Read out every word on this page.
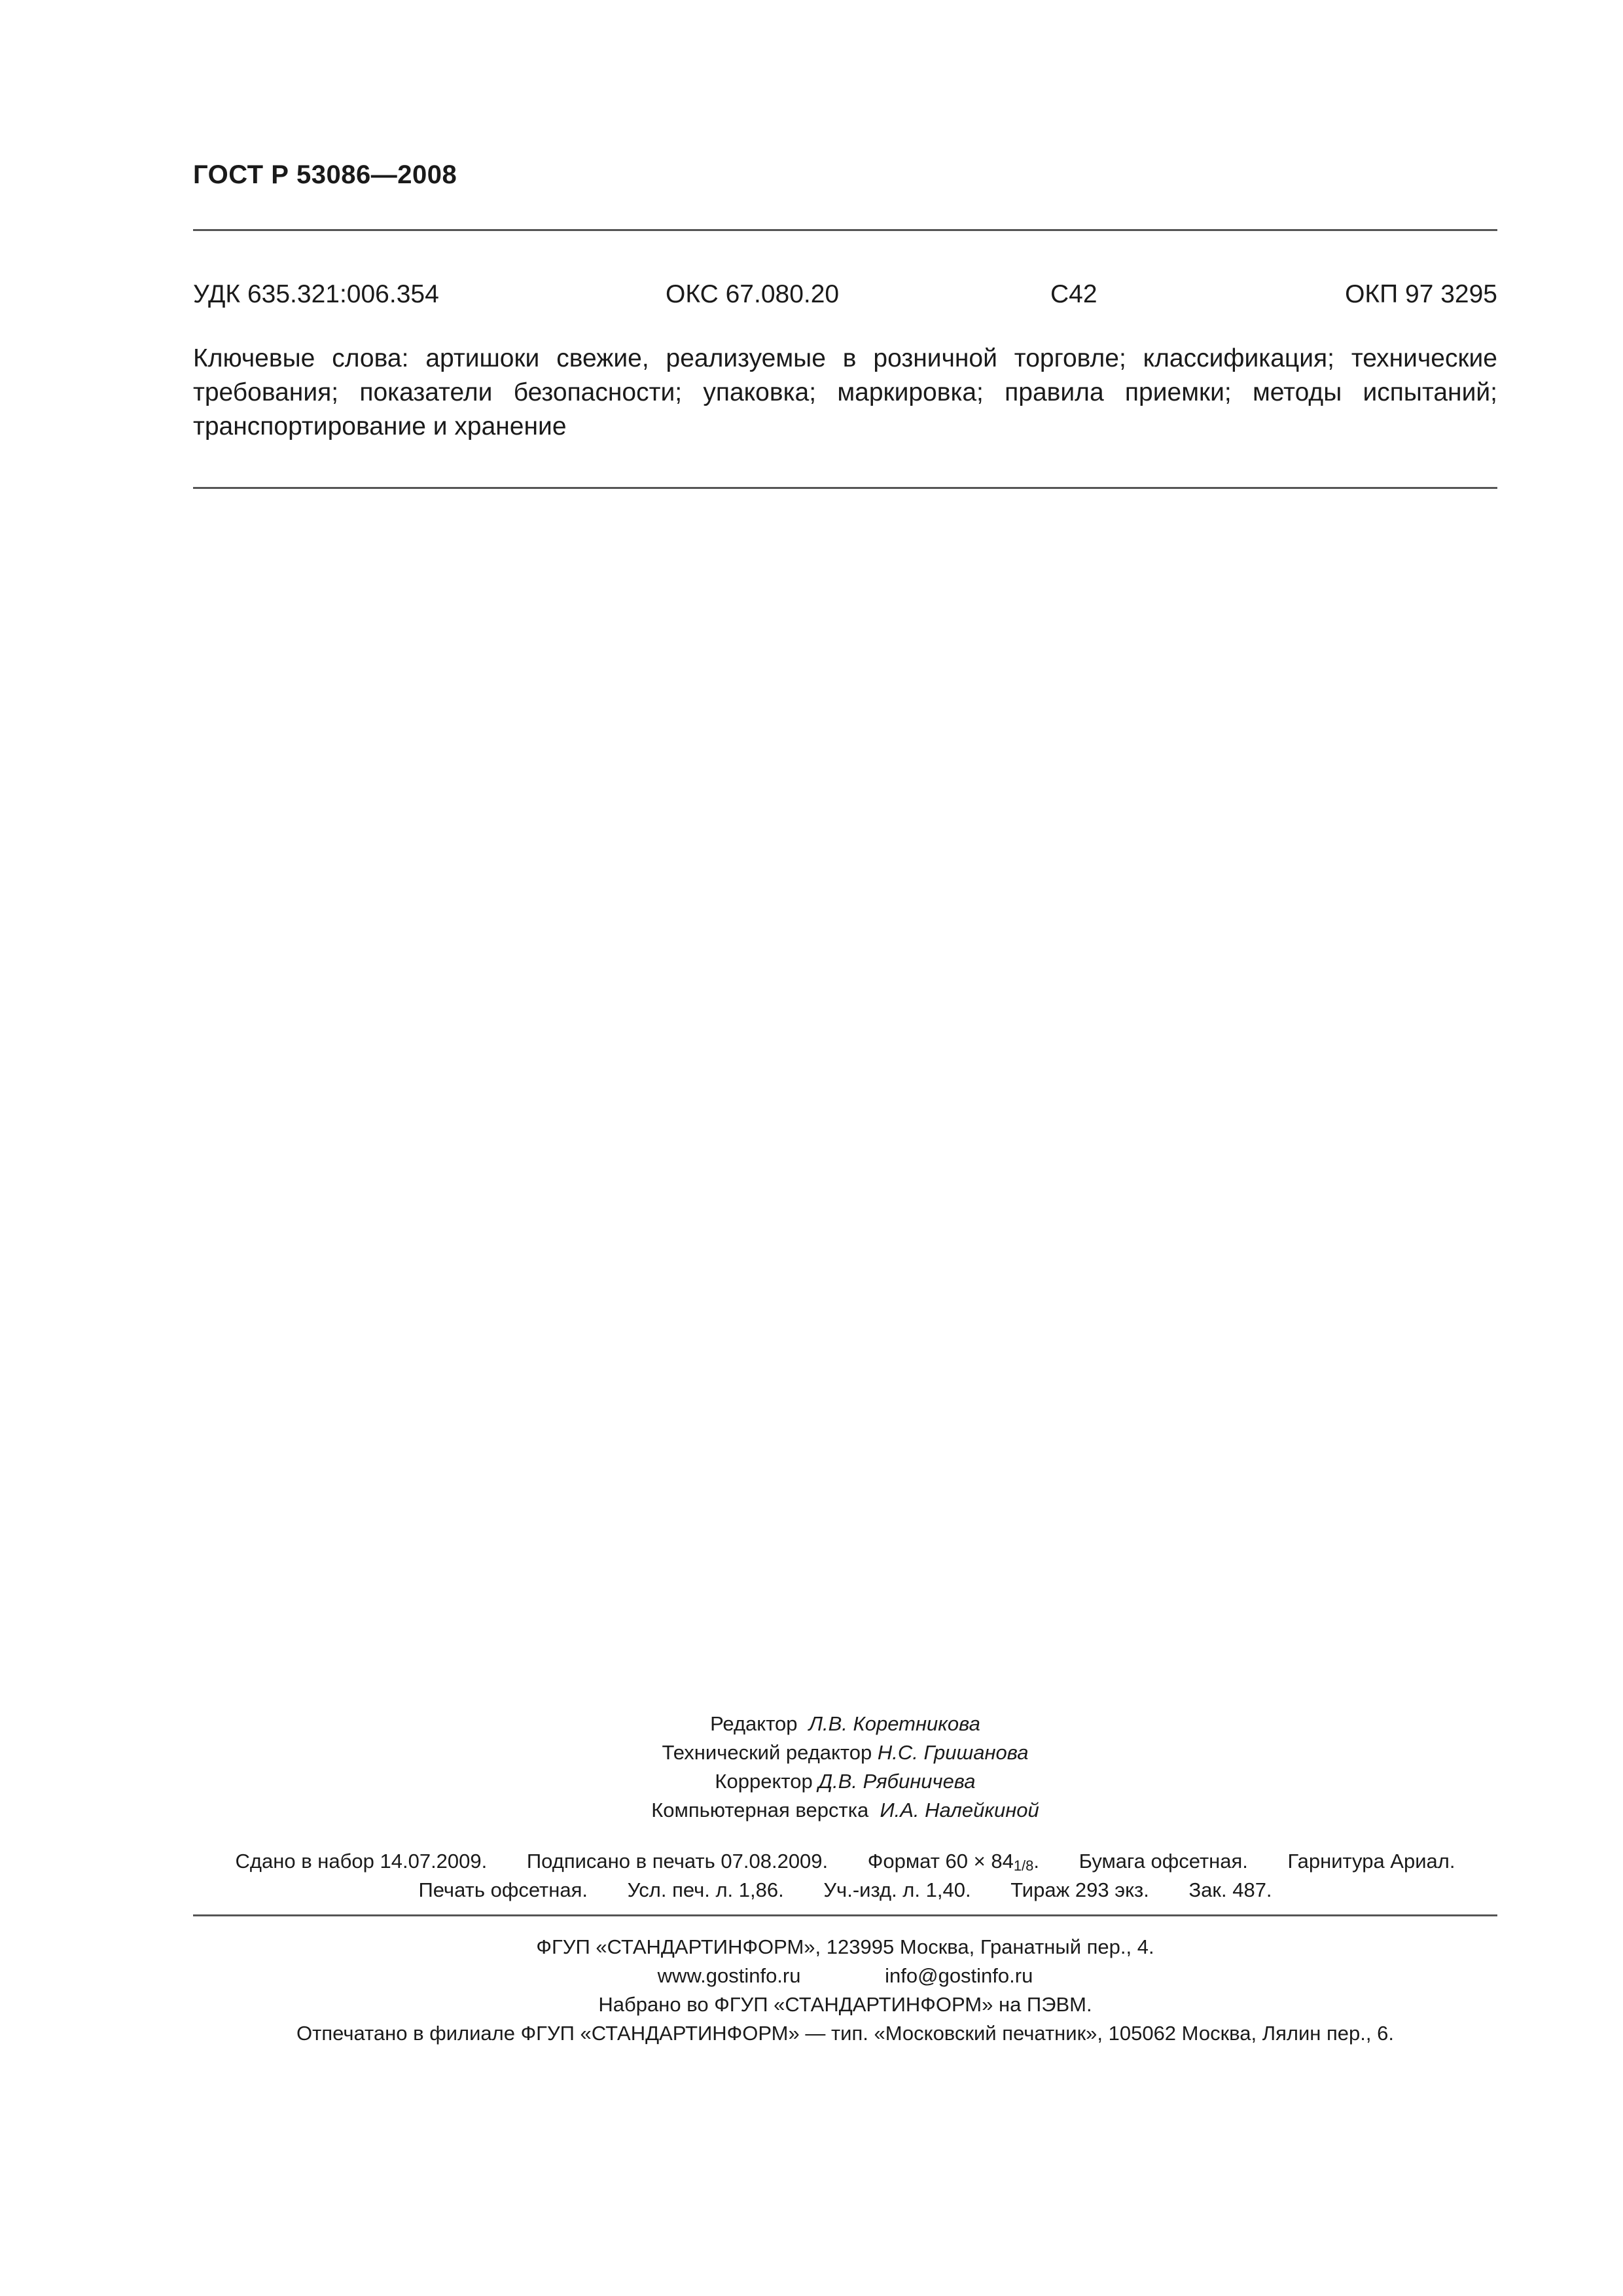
ГОСТ Р 53086—2008
УДК 635.321:006.354	ОКС 67.080.20	С42	ОКП 97 3295
Ключевые слова: артишоки свежие, реализуемые в розничной торговле; классификация; технические
требования; показатели безопасности; упаковка; маркировка; правила приемки; методы испытаний;
транспортирование и хранение
Редактор Л.В. Коретникова
Технический редактор Н.С. Гришанова
Корректор Д.В. Рябиничева
Компьютерная верстка И.А. Налейкиной
Сдано в набор 14.07.2009. Подписано в печать 07.08.2009. Формат 60 × 841/8. Бумага офсетная. Гарнитура Ариал.
Печать офсетная. Усл. печ. л. 1,86. Уч.-изд. л. 1,40. Тираж 293 экз. Зак. 487.
ФГУП «СТАНДАРТИНФОРМ», 123995 Москва, Гранатный пер., 4.
www.gostinfo.ru	info@gostinfo.ru
Набрано во ФГУП «СТАНДАРТИНФОРМ» на ПЭВМ.
Отпечатано в филиале ФГУП «СТАНДАРТИНФОРМ» — тип. «Московский печатник», 105062 Москва, Лялин пер., 6.
